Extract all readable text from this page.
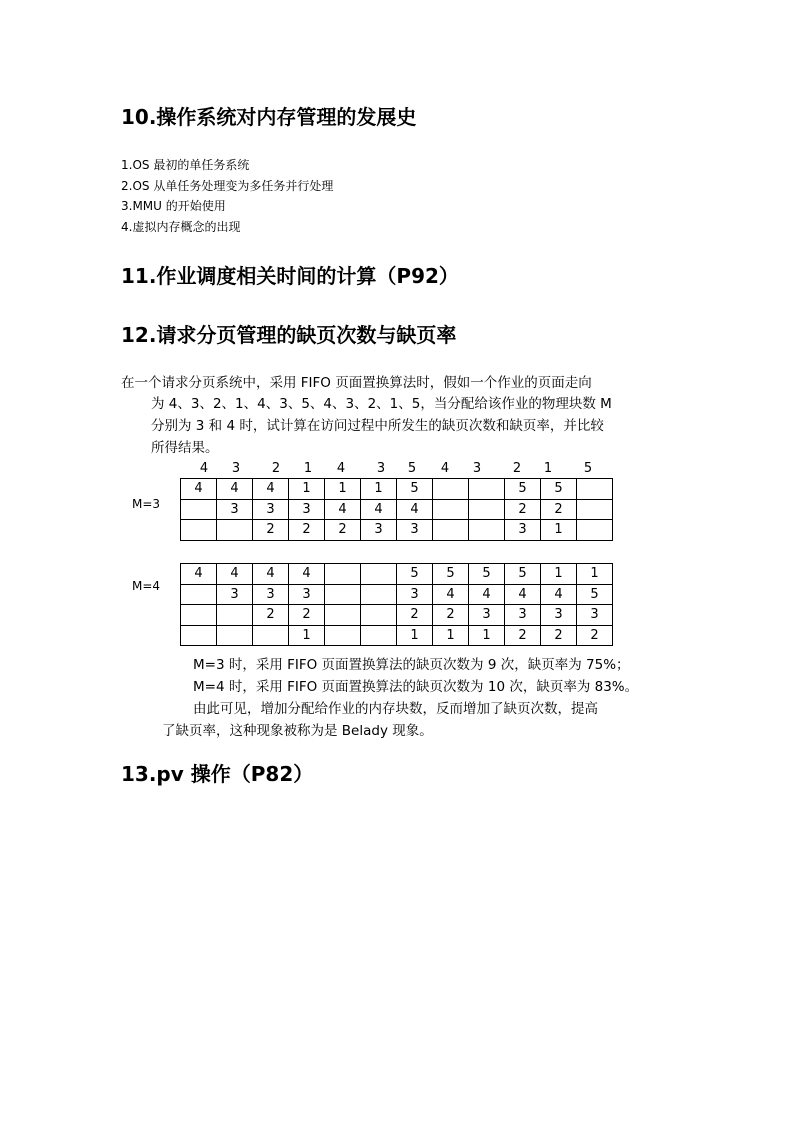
10.操作系统对内存管理的发展史
1.OS 最初的单任务系统
2.OS 从单任务处理变为多任务并行处理
3.MMU 的开始使用
4.虚拟内存概念的出现
11.作业调度相关时间的计算（P92）
12.请求分页管理的缺页次数与缺页率
在一个请求分页系统中，采用 FIFO 页面置换算法时，假如一个作业的页面走向
为 4、3、2、1、4、3、5、4、3、2、1、5，当分配给该作业的物理块数 M
分别为 3 和 4 时，试计算在访问过程中所发生的缺页次数和缺页率，并比较
所得结果。
4	3	2	1	4	3	5	4	3	2	1	5
M=3
4	4	4	1	1	1	5			5	5	
	3	3	3	4	4	4			2	2	
		2	2	2	3	3			3	1	
M=4
4	4	4	4			5	5	5	5	1	1
	3	3	3			3	4	4	4	4	5
		2	2			2	2	3	3	3	3
			1			1	1	1	2	2	2
M=3 时，采用 FIFO 页面置换算法的缺页次数为 9 次，缺页率为 75%；
M=4 时，采用 FIFO 页面置换算法的缺页次数为 10 次，缺页率为 83%。
由此可见，增加分配给作业的内存块数，反而增加了缺页次数，提高
了缺页率，这种现象被称为是 Belady 现象。
13.pv 操作（P82）
